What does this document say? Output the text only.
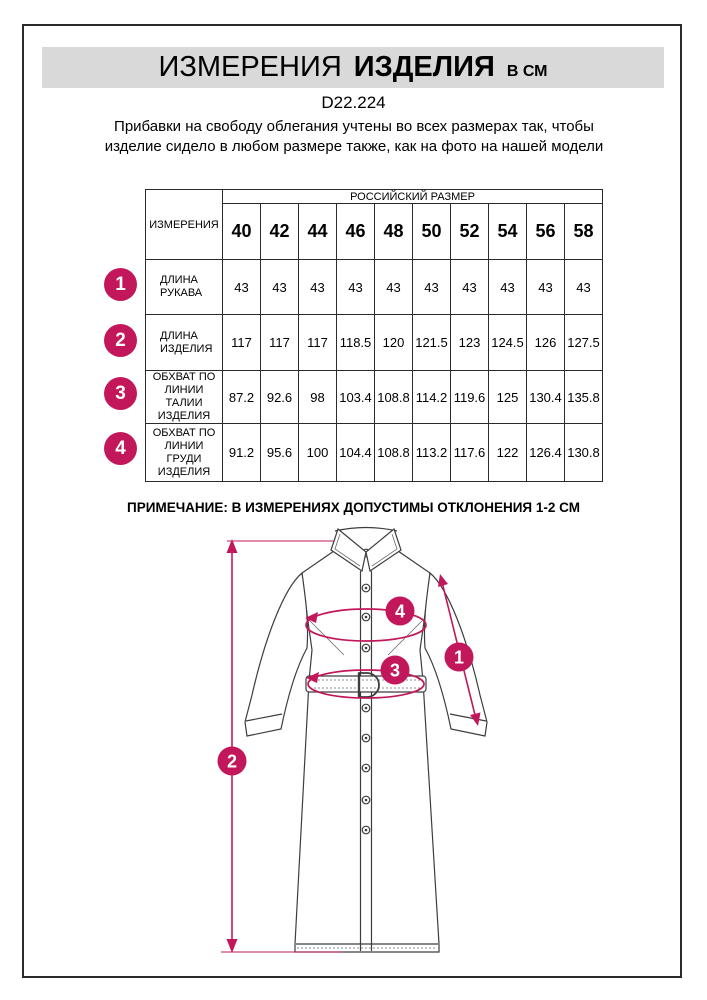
ИЗМЕРЕНИЯ ИЗДЕЛИЯ В СМ
D22.224
Прибавки на свободу облегания учтены во всех размерах так, чтобы изделие сидело в любом размере также, как на фото на нашей модели
ИЗМЕРЕНИЯ	РОССИЙСКИЙ РАЗМЕР									
	40	42	44	46	48	50	52	54	56	58
ДЛИНА РУКАВА	43	43	43	43	43	43	43	43	43	43
ДЛИНА ИЗДЕЛИЯ	117	117	117	118.5	120	121.5	123	124.5	126	127.5
ОБХВАТ ПО ЛИНИИ ТАЛИИ ИЗДЕЛИЯ	87.2	92.6	98	103.4	108.8	114.2	119.6	125	130.4	135.8
ОБХВАТ ПО ЛИНИИ ГРУДИ ИЗДЕЛИЯ	91.2	95.6	100	104.4	108.8	113.2	117.6	122	126.4	130.8
1
2
3
4
ПРИМЕЧАНИЕ: В ИЗМЕРЕНИЯХ ДОПУСТИМЫ ОТКЛОНЕНИЯ 1-2 СМ
4
3
1
2
